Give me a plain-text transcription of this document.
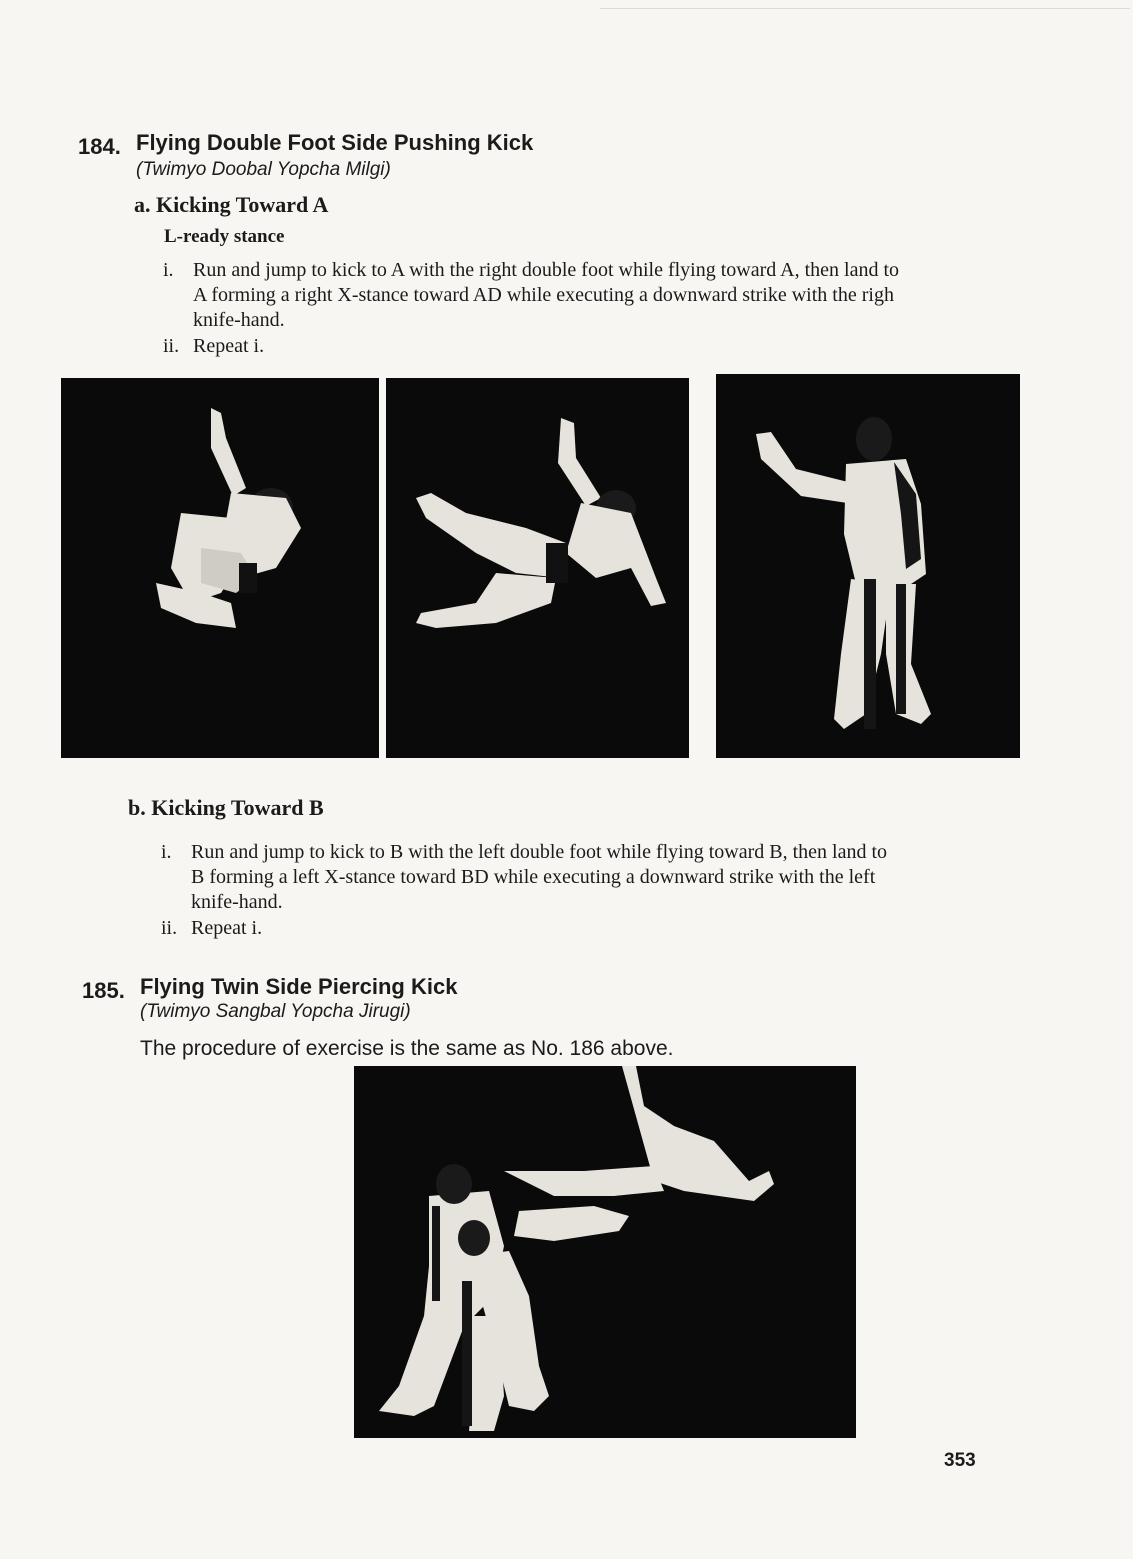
184. Flying Double Foot Side Pushing Kick
(Twimyo Doobal Yopcha Milgi)
a. Kicking Toward A
L-ready stance
i. Run and jump to kick to A with the right double foot while flying toward A, then land to A forming a right X-stance toward AD while executing a downward strike with the righ knife-hand.
ii. Repeat i.
b. Kicking Toward B
i. Run and jump to kick to B with the left double foot while flying toward B, then land to B forming a left X-stance toward BD while executing a downward strike with the left knife-hand.
ii. Repeat i.
185. Flying Twin Side Piercing Kick
(Twimyo Sangbal Yopcha Jirugi)
The procedure of exercise is the same as No. 186 above.
353
